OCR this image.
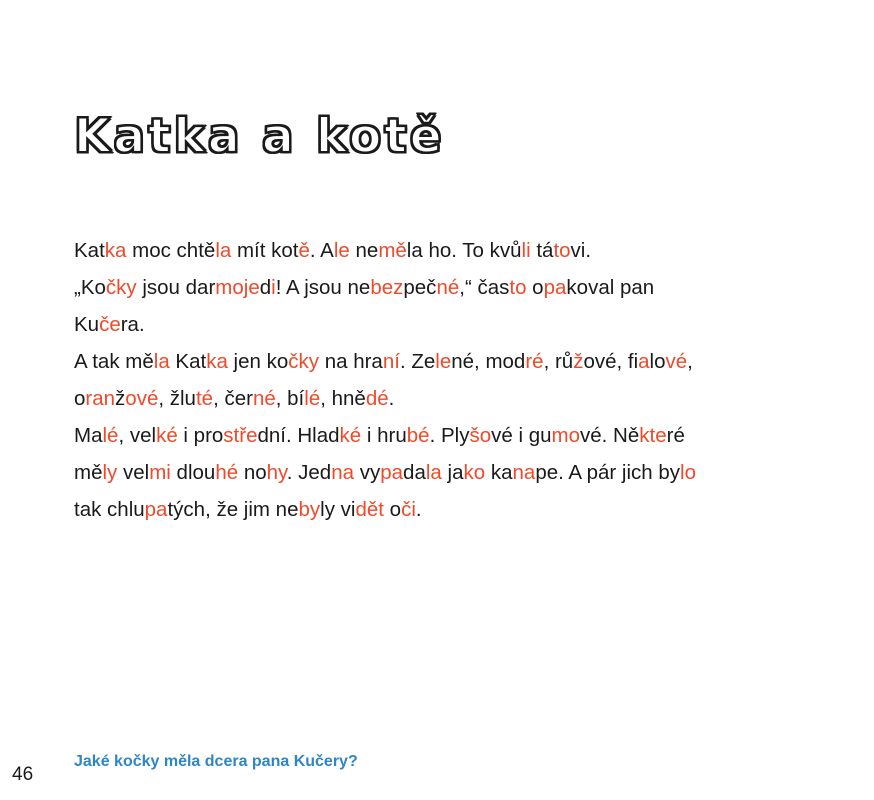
Katka a kotě

Katka moc chtěla mít kotě. Ale neměla ho. To kvůli tátovi.

„Kočky jsou darmojedi! A jsou nebezpečné,“ často opakoval pan Kučera.

A tak měla Katka jen kočky na hraní. Zelené, modré, růžové, fialové, oranžové, žluté, černé, bílé, hnědé.

Malé, velké i prostřední. Hladké i hrubé. Plyšové i gumové. Některé měly velmi dlouhé nohy. Jedna vypadala jako kanape. A pár jich bylo tak chlupatých, že jim nebyly vidět oči.

Jaké kočky měla dcera pana Kučery?
46
